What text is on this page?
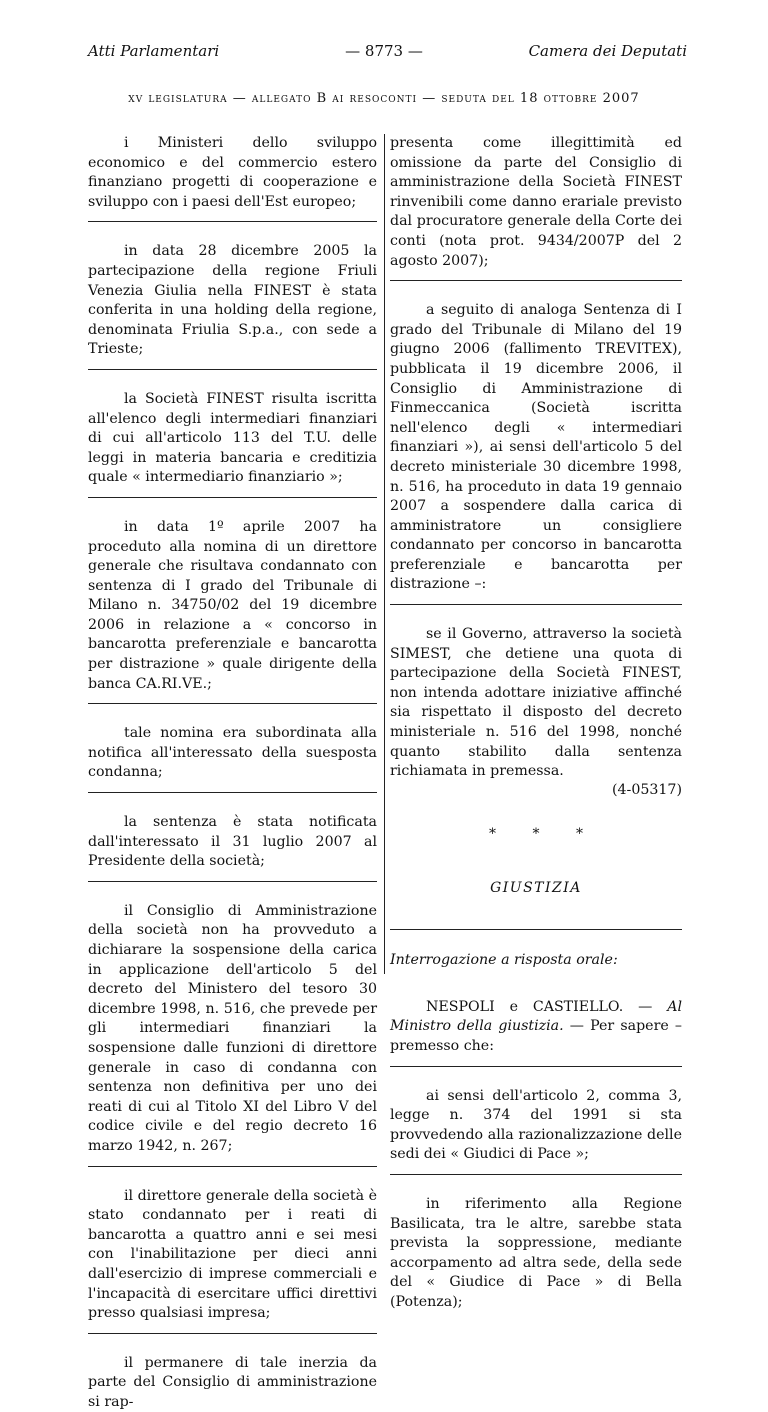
Atti Parlamentari	— 8773 —	Camera dei Deputati
xv legislatura — allegato B ai resoconti — seduta del 18 ottobre 2007

i Ministeri dello sviluppo economico e del commercio estero finanziano progetti di cooperazione e sviluppo con i paesi dell'Est europeo;

in data 28 dicembre 2005 la partecipazione della regione Friuli Venezia Giulia nella FINEST è stata conferita in una holding della regione, denominata Friulia S.p.a., con sede a Trieste;

la Società FINEST risulta iscritta all'elenco degli intermediari finanziari di cui all'articolo 113 del T.U. delle leggi in materia bancaria e creditizia quale « intermediario finanziario »;

in data 1º aprile 2007 ha proceduto alla nomina di un direttore generale che risultava condannato con sentenza di I grado del Tribunale di Milano n. 34750/02 del 19 dicembre 2006 in relazione a « concorso in bancarotta preferenziale e bancarotta per distrazione » quale dirigente della banca CA.RI.VE.;

tale nomina era subordinata alla notifica all'interessato della suesposta condanna;

la sentenza è stata notificata dall'interessato il 31 luglio 2007 al Presidente della società;

il Consiglio di Amministrazione della società non ha provveduto a dichiarare la sospensione della carica in applicazione dell'articolo 5 del decreto del Ministero del tesoro 30 dicembre 1998, n. 516, che prevede per gli intermediari finanziari la sospensione dalle funzioni di direttore generale in caso di condanna con sentenza non definitiva per uno dei reati di cui al Titolo XI del Libro V del codice civile e del regio decreto 16 marzo 1942, n. 267;

il direttore generale della società è stato condannato per i reati di bancarotta a quattro anni e sei mesi con l'inabilitazione per dieci anni dall'esercizio di imprese commerciali e l'incapacità di esercitare uffici direttivi presso qualsiasi impresa;

il permanere di tale inerzia da parte del Consiglio di amministrazione si rap-

presenta come illegittimità ed omissione da parte del Consiglio di amministrazione della Società FINEST rinvenibili come danno erariale previsto dal procuratore generale della Corte dei conti (nota prot. 9434/2007P del 2 agosto 2007);

a seguito di analoga Sentenza di I grado del Tribunale di Milano del 19 giugno 2006 (fallimento TREVITEX), pubblicata il 19 dicembre 2006, il Consiglio di Amministrazione di Finmeccanica (Società iscritta nell'elenco degli « intermediari finanziari »), ai sensi dell'articolo 5 del decreto ministeriale 30 dicembre 1998, n. 516, ha proceduto in data 19 gennaio 2007 a sospendere dalla carica di amministratore un consigliere condannato per concorso in bancarotta preferenziale e bancarotta per distrazione –:

se il Governo, attraverso la società SIMEST, che detiene una quota di partecipazione della Società FINEST, non intenda adottare iniziative affinché sia rispettato il disposto del decreto ministeriale n. 516 del 1998, nonché quanto stabilito dalla sentenza richiamata in premessa.

(4-05317)

* * *

GIUSTIZIA

Interrogazione a risposta orale:

NESPOLI e CASTIELLO. — Al Ministro della giustizia. — Per sapere – premesso che:

ai sensi dell'articolo 2, comma 3, legge n. 374 del 1991 si sta provvedendo alla razionalizzazione delle sedi dei « Giudici di Pace »;

in riferimento alla Regione Basilicata, tra le altre, sarebbe stata prevista la soppressione, mediante accorpamento ad altra sede, della sede del « Giudice di Pace » di Bella (Potenza);
